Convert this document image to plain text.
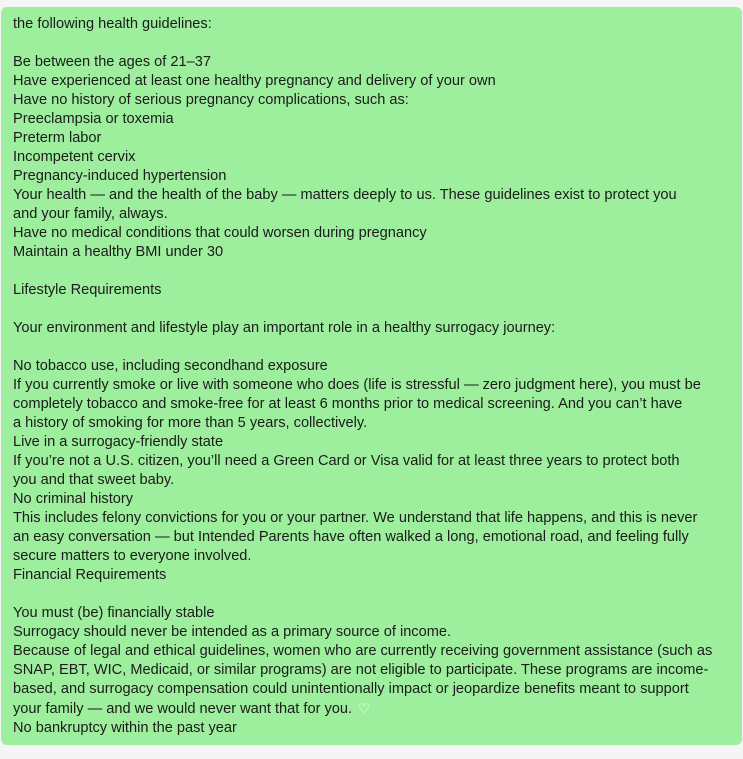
the following health guidelines:
Be between the ages of 21–37
Have experienced at least one healthy pregnancy and delivery of your own
Have no history of serious pregnancy complications, such as:
Preeclampsia or toxemia
Preterm labor
Incompetent cervix
Pregnancy-induced hypertension
Your health — and the health of the baby — matters deeply to us. These guidelines exist to protect you
and your family, always.
Have no medical conditions that could worsen during pregnancy
Maintain a healthy BMI under 30
Lifestyle Requirements
Your environment and lifestyle play an important role in a healthy surrogacy journey:
No tobacco use, including secondhand exposure
If you currently smoke or live with someone who does (life is stressful — zero judgment here), you must be
completely tobacco and smoke-free for at least 6 months prior to medical screening. And you can’t have
a history of smoking for more than 5 years, collectively.
Live in a surrogacy-friendly state
If you’re not a U.S. citizen, you’ll need a Green Card or Visa valid for at least three years to protect both
you and that sweet baby.
No criminal history
This includes felony convictions for you or your partner. We understand that life happens, and this is never
an easy conversation — but Intended Parents have often walked a long, emotional road, and feeling fully
secure matters to everyone involved.
Financial Requirements
You must (be) financially stable
Surrogacy should never be intended as a primary source of income.
Because of legal and ethical guidelines, women who are currently receiving government assistance (such as
SNAP, EBT, WIC, Medicaid, or similar programs) are not eligible to participate. These programs are income-
based, and surrogacy compensation could unintentionally impact or jeopardize benefits meant to support
your family — and we would never want that for you. ♡
No bankruptcy within the past year
